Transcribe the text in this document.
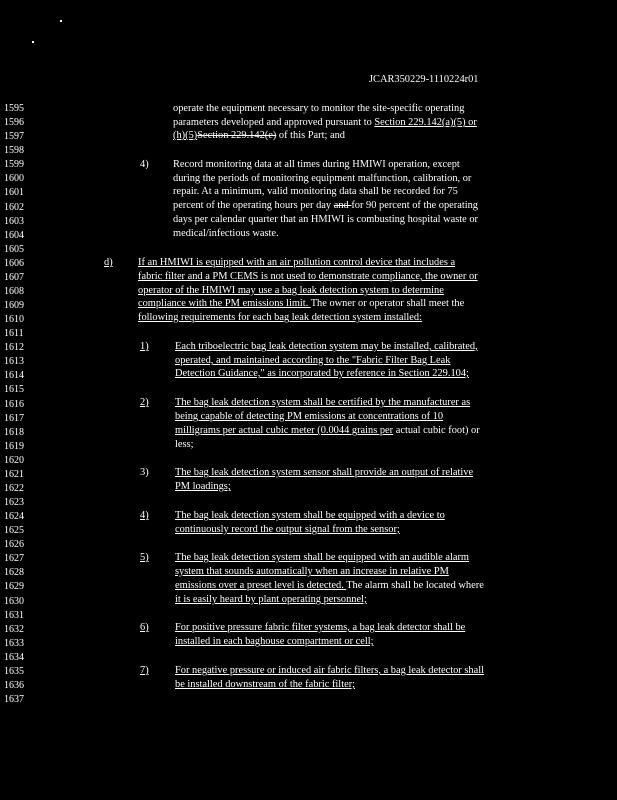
JCAR350229-1110224r01
1595
1596
1597
1598
1599
1600
1601
1602
1603
1604
1605
1606
1607
1608
1609
1610
1611
1612
1613
1614
1615
1616
1617
1618
1619
1620
1621
1622
1623
1624
1625
1626
1627
1628
1629
1630
1631
1632
1633
1634
1635
1636
1637
operate the equipment necessary to monitor the site-specific operating
parameters developed and approved pursuant to Section 229.142(a)(5) or
(h)(5)Section 229.142(e) of this Part; and
4) Record monitoring data at all times during HMIWI operation, except
during the periods of monitoring equipment malfunction, calibration, or
repair. At a minimum, valid monitoring data shall be recorded for 75
percent of the operating hours per day and for 90 percent of the operating
days per calendar quarter that an HMIWI is combusting hospital waste or
medical/infectious waste.
d) If an HMIWI is equipped with an air pollution control device that includes a
fabric filter and a PM CEMS is not used to demonstrate compliance, the owner or
operator of the HMIWI may use a bag leak detection system to determine
compliance with the PM emissions limit. The owner or operator shall meet the
following requirements for each bag leak detection system installed:
1)	Each triboelectric bag leak detection system may be installed, calibrated,
operated, and maintained according to the "Fabric Filter Bag Leak
Detection Guidance," as incorporated by reference in Section 229.104;
2)	The bag leak detection system shall be certified by the manufacturer as
being capable of detecting PM emissions at concentrations of 10
milligrams per actual cubic meter (0.0044 grains per actual cubic foot) or
less;
3)	The bag leak detection system sensor shall provide an output of relative
PM loadings;
4)	The bag leak detection system shall be equipped with a device to
continuously record the output signal from the sensor;
5)	The bag leak detection system shall be equipped with an audible alarm
system that sounds automatically when an increase in relative PM
emissions over a preset level is detected. The alarm shall be located where
it is easily heard by plant operating personnel;
6)	For positive pressure fabric filter systems, a bag leak detector shall be
installed in each baghouse compartment or cell;
7)	For negative pressure or induced air fabric filters, a bag leak detector shall
be installed downstream of the fabric filter;
